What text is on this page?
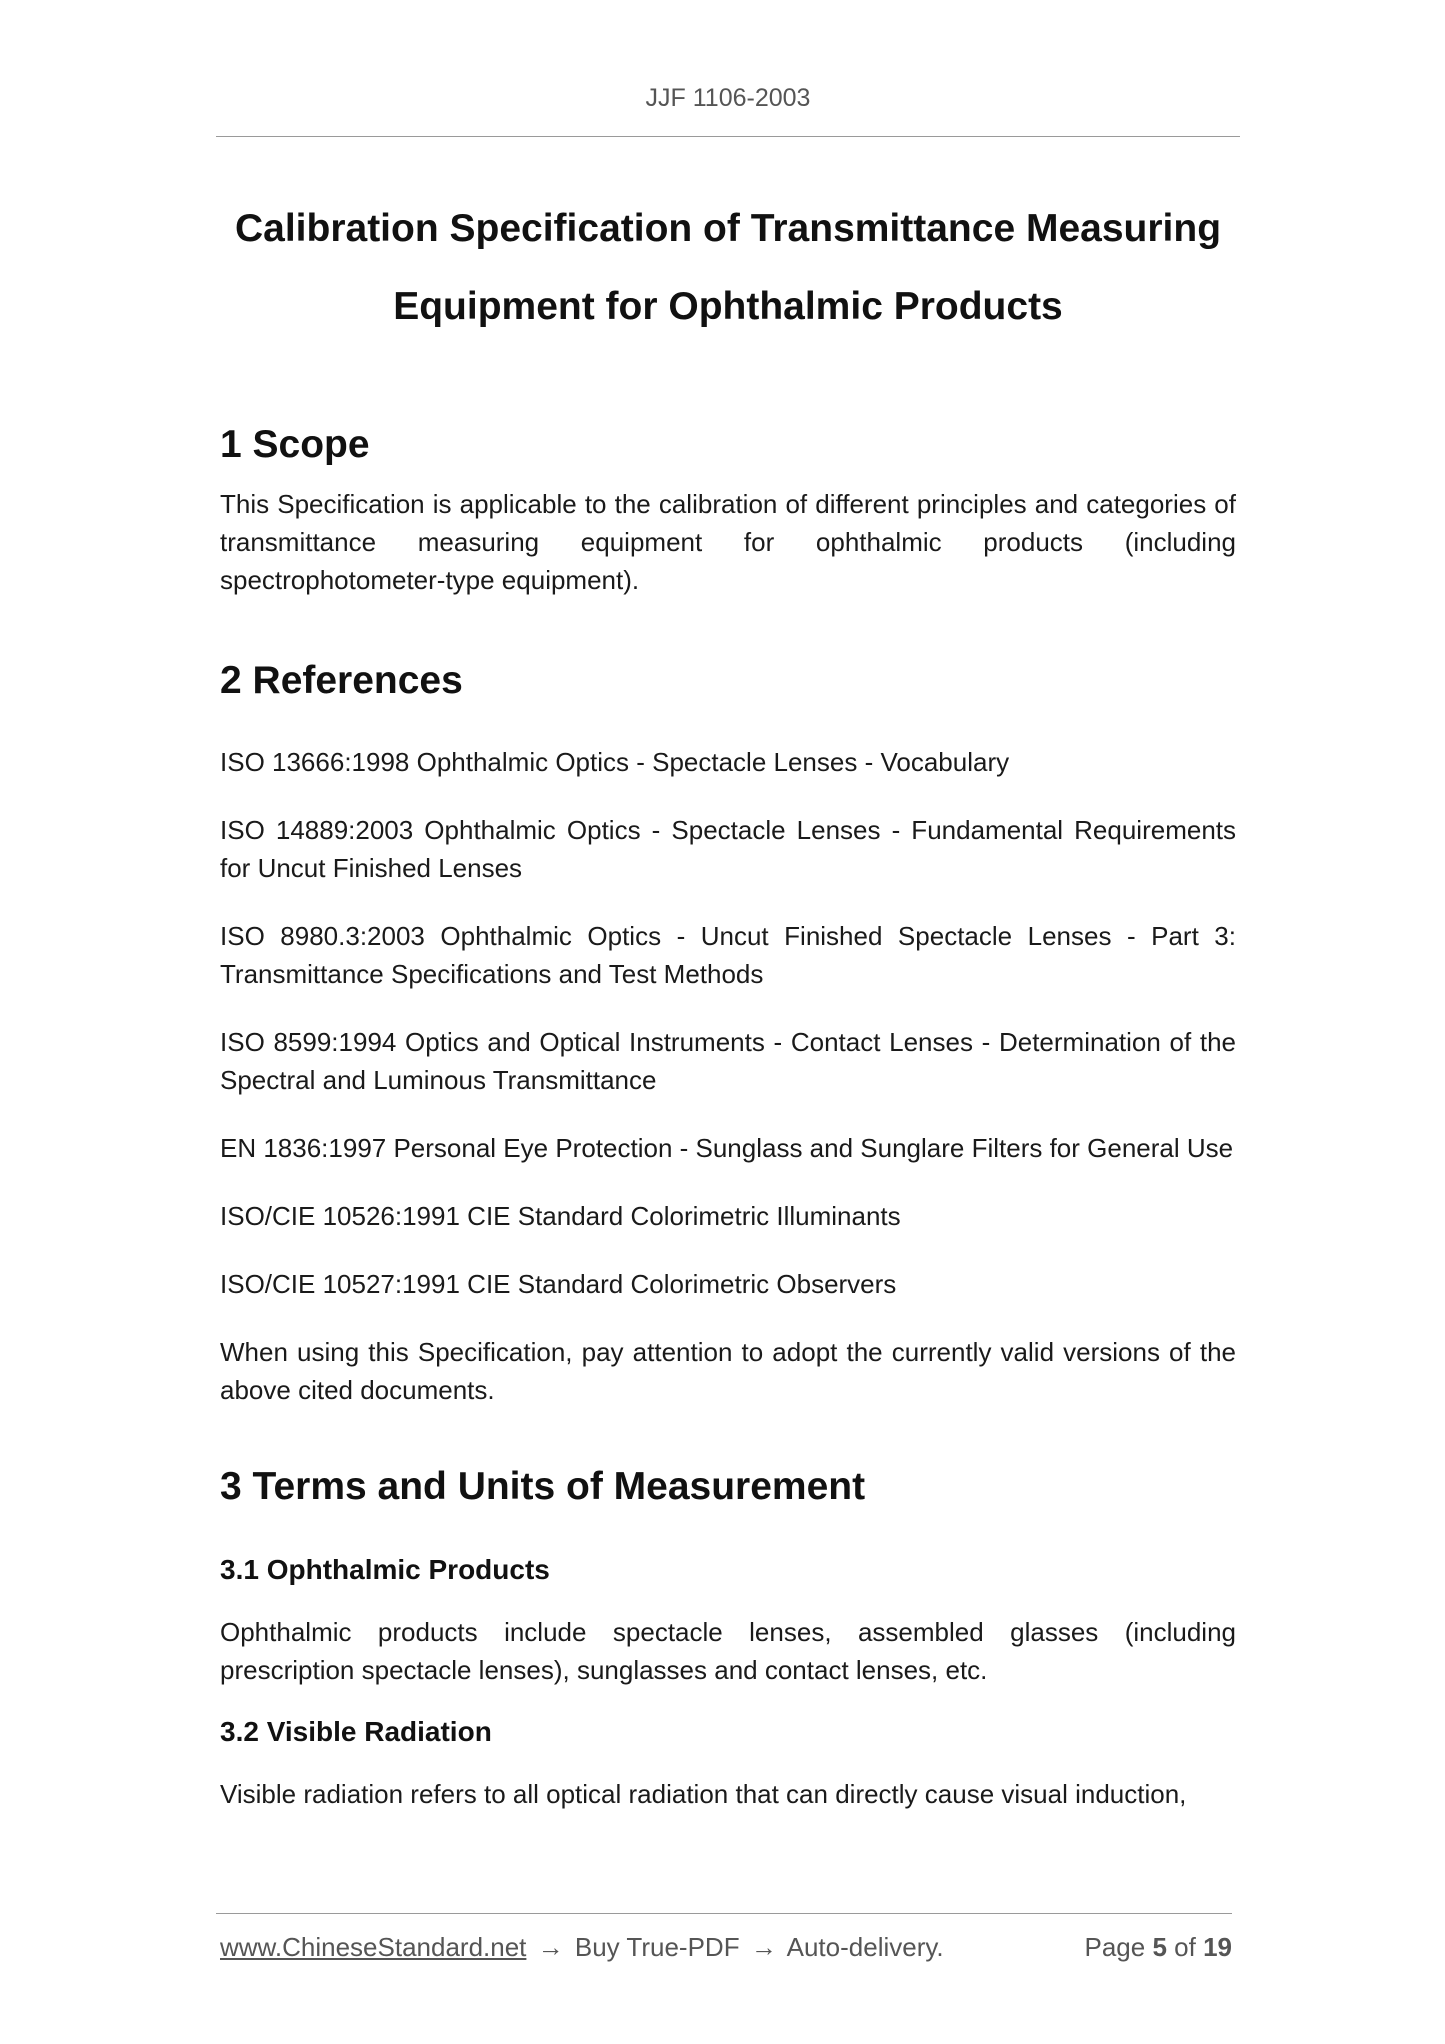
JJF 1106-2003
Calibration Specification of Transmittance Measuring
Equipment for Ophthalmic Products
1 Scope

This Specification is applicable to the calibration of different principles and categories of transmittance measuring equipment for ophthalmic products (including spectrophotometer-type equipment).

2 References

ISO 13666:1998 Ophthalmic Optics - Spectacle Lenses - Vocabulary

ISO 14889:2003 Ophthalmic Optics - Spectacle Lenses - Fundamental Requirements for Uncut Finished Lenses

ISO 8980.3:2003 Ophthalmic Optics - Uncut Finished Spectacle Lenses - Part 3: Transmittance Specifications and Test Methods

ISO 8599:1994 Optics and Optical Instruments - Contact Lenses - Determination of the Spectral and Luminous Transmittance

EN 1836:1997 Personal Eye Protection - Sunglass and Sunglare Filters for General Use

ISO/CIE 10526:1991 CIE Standard Colorimetric Illuminants

ISO/CIE 10527:1991 CIE Standard Colorimetric Observers

When using this Specification, pay attention to adopt the currently valid versions of the above cited documents.

3 Terms and Units of Measurement
3.1 Ophthalmic Products

Ophthalmic products include spectacle lenses, assembled glasses (including prescription spectacle lenses), sunglasses and contact lenses, etc.

3.2 Visible Radiation

Visible radiation refers to all optical radiation that can directly cause visual induction,

www.ChineseStandard.net → Buy True-PDF → Auto-delivery.	Page 5 of 19
